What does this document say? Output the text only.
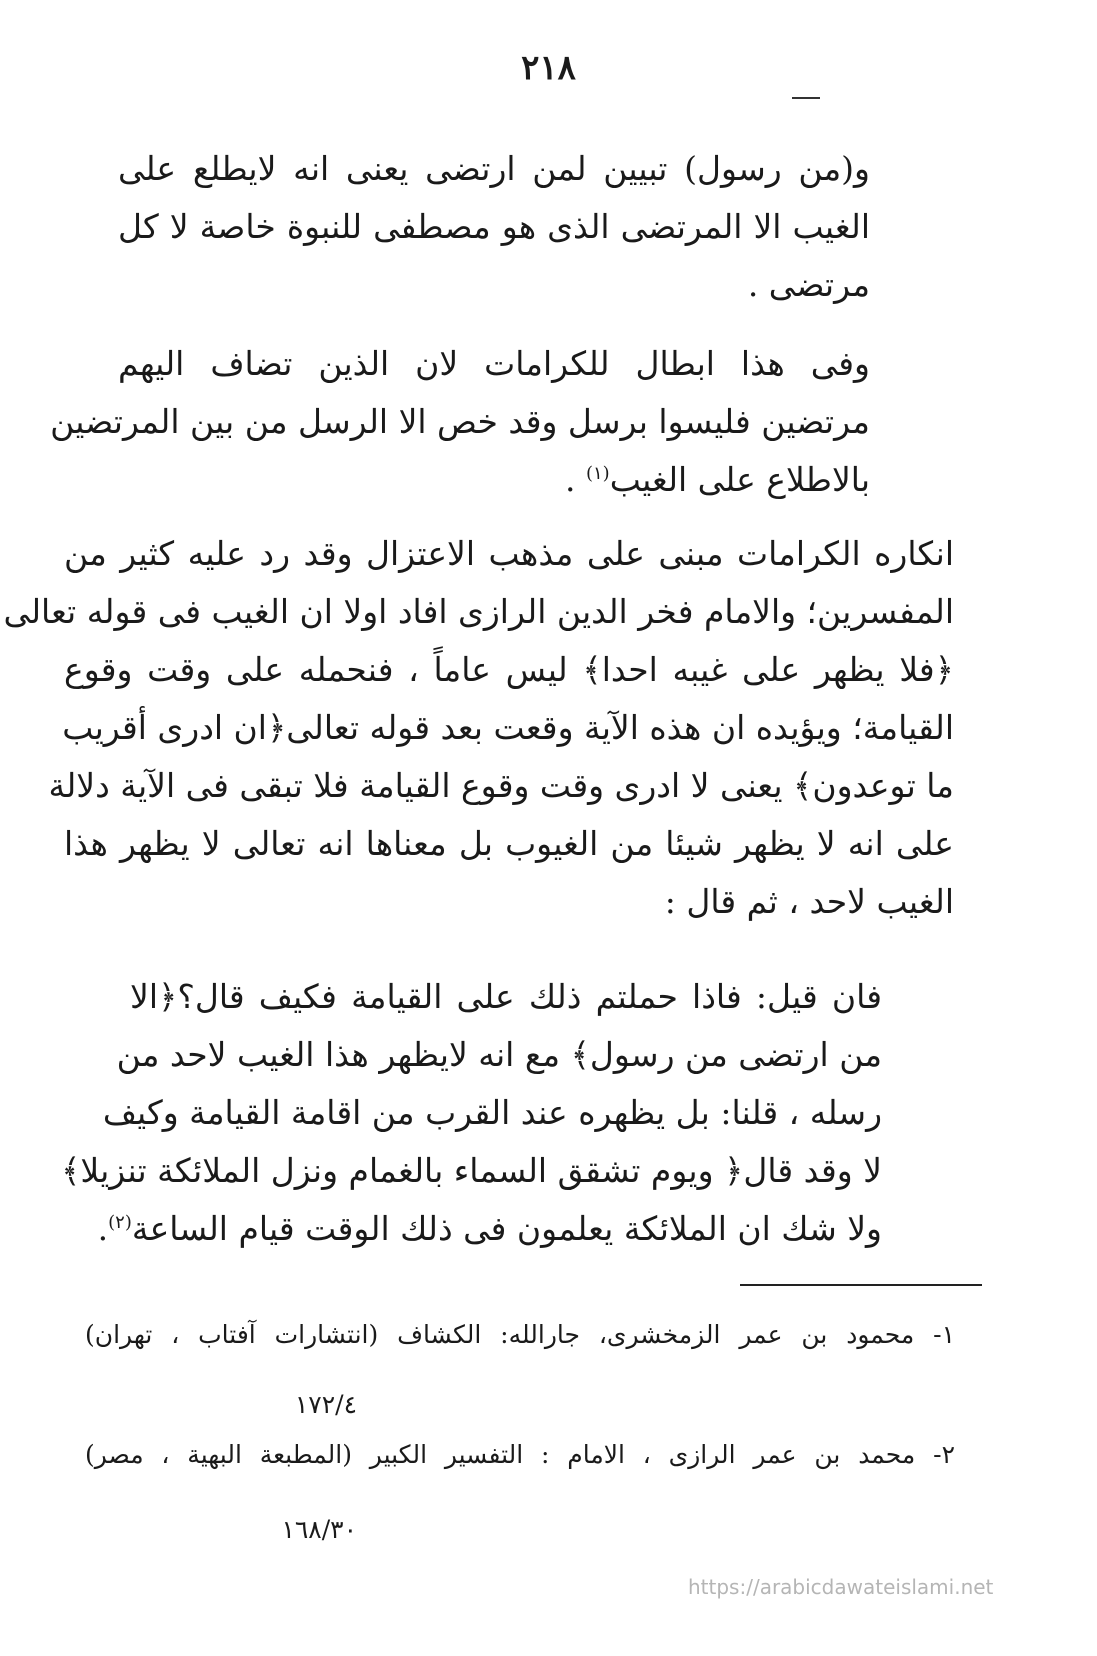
٢١٨
و(من رسول) تبيين لمن ارتضى يعنى انه لايطلع على
الغيب الا المرتضى الذى هو مصطفى للنبوة خاصة لا كل
مرتضى .
وفى هذا ابطال للكرامات لان الذين تضاف اليهم
مرتضين فليسوا برسل وقد خص الا الرسل من بين المرتضين
بالاطلاع على الغيب$^{(١)}$ .
انكاره الكرامات مبنى على مذهب الاعتزال وقد رد عليه كثير من
المفسرين؛ والامام فخر الدين الرازى افاد اولا ان الغيب فى قوله تعالى
﴿فلا يظهر على غيبه احدا﴾ ليس عاماً ، فنحمله على وقت وقوع
القيامة؛ ويؤيده ان هذه الآية وقعت بعد قوله تعالى﴿ان ادرى أقريب
ما توعدون﴾ يعنى لا ادرى وقت وقوع القيامة فلا تبقى فى الآية دلالة
على انه لا يظهر شيئا من الغيوب بل معناها انه تعالى لا يظهر هذا
الغيب لاحد ، ثم قال :
فان قيل: فاذا حملتم ذلك على القيامة فكيف قال؟﴿الا
من ارتضى من رسول﴾ مع انه لايظهر هذا الغيب لاحد من
رسله ، قلنا: بل يظهره عند القرب من اقامة القيامة وكيف
لا وقد قال﴿ ويوم تشقق السماء بالغمام ونزل الملائكة تنزيلا﴾
ولا شك ان الملائكة يعلمون فى ذلك الوقت قيام الساعة$^{(٢)}$.
١- محمود بن عمر الزمخشرى، جارالله: الكشاف (انتشارات آفتاب ، تهران)
١٧٢/٤
٢- محمد بن عمر الرازى ، الامام : التفسير الكبير (المطبعة البهية ، مصر)
١٦٨/٣٠
https://arabicdawateislami.net
